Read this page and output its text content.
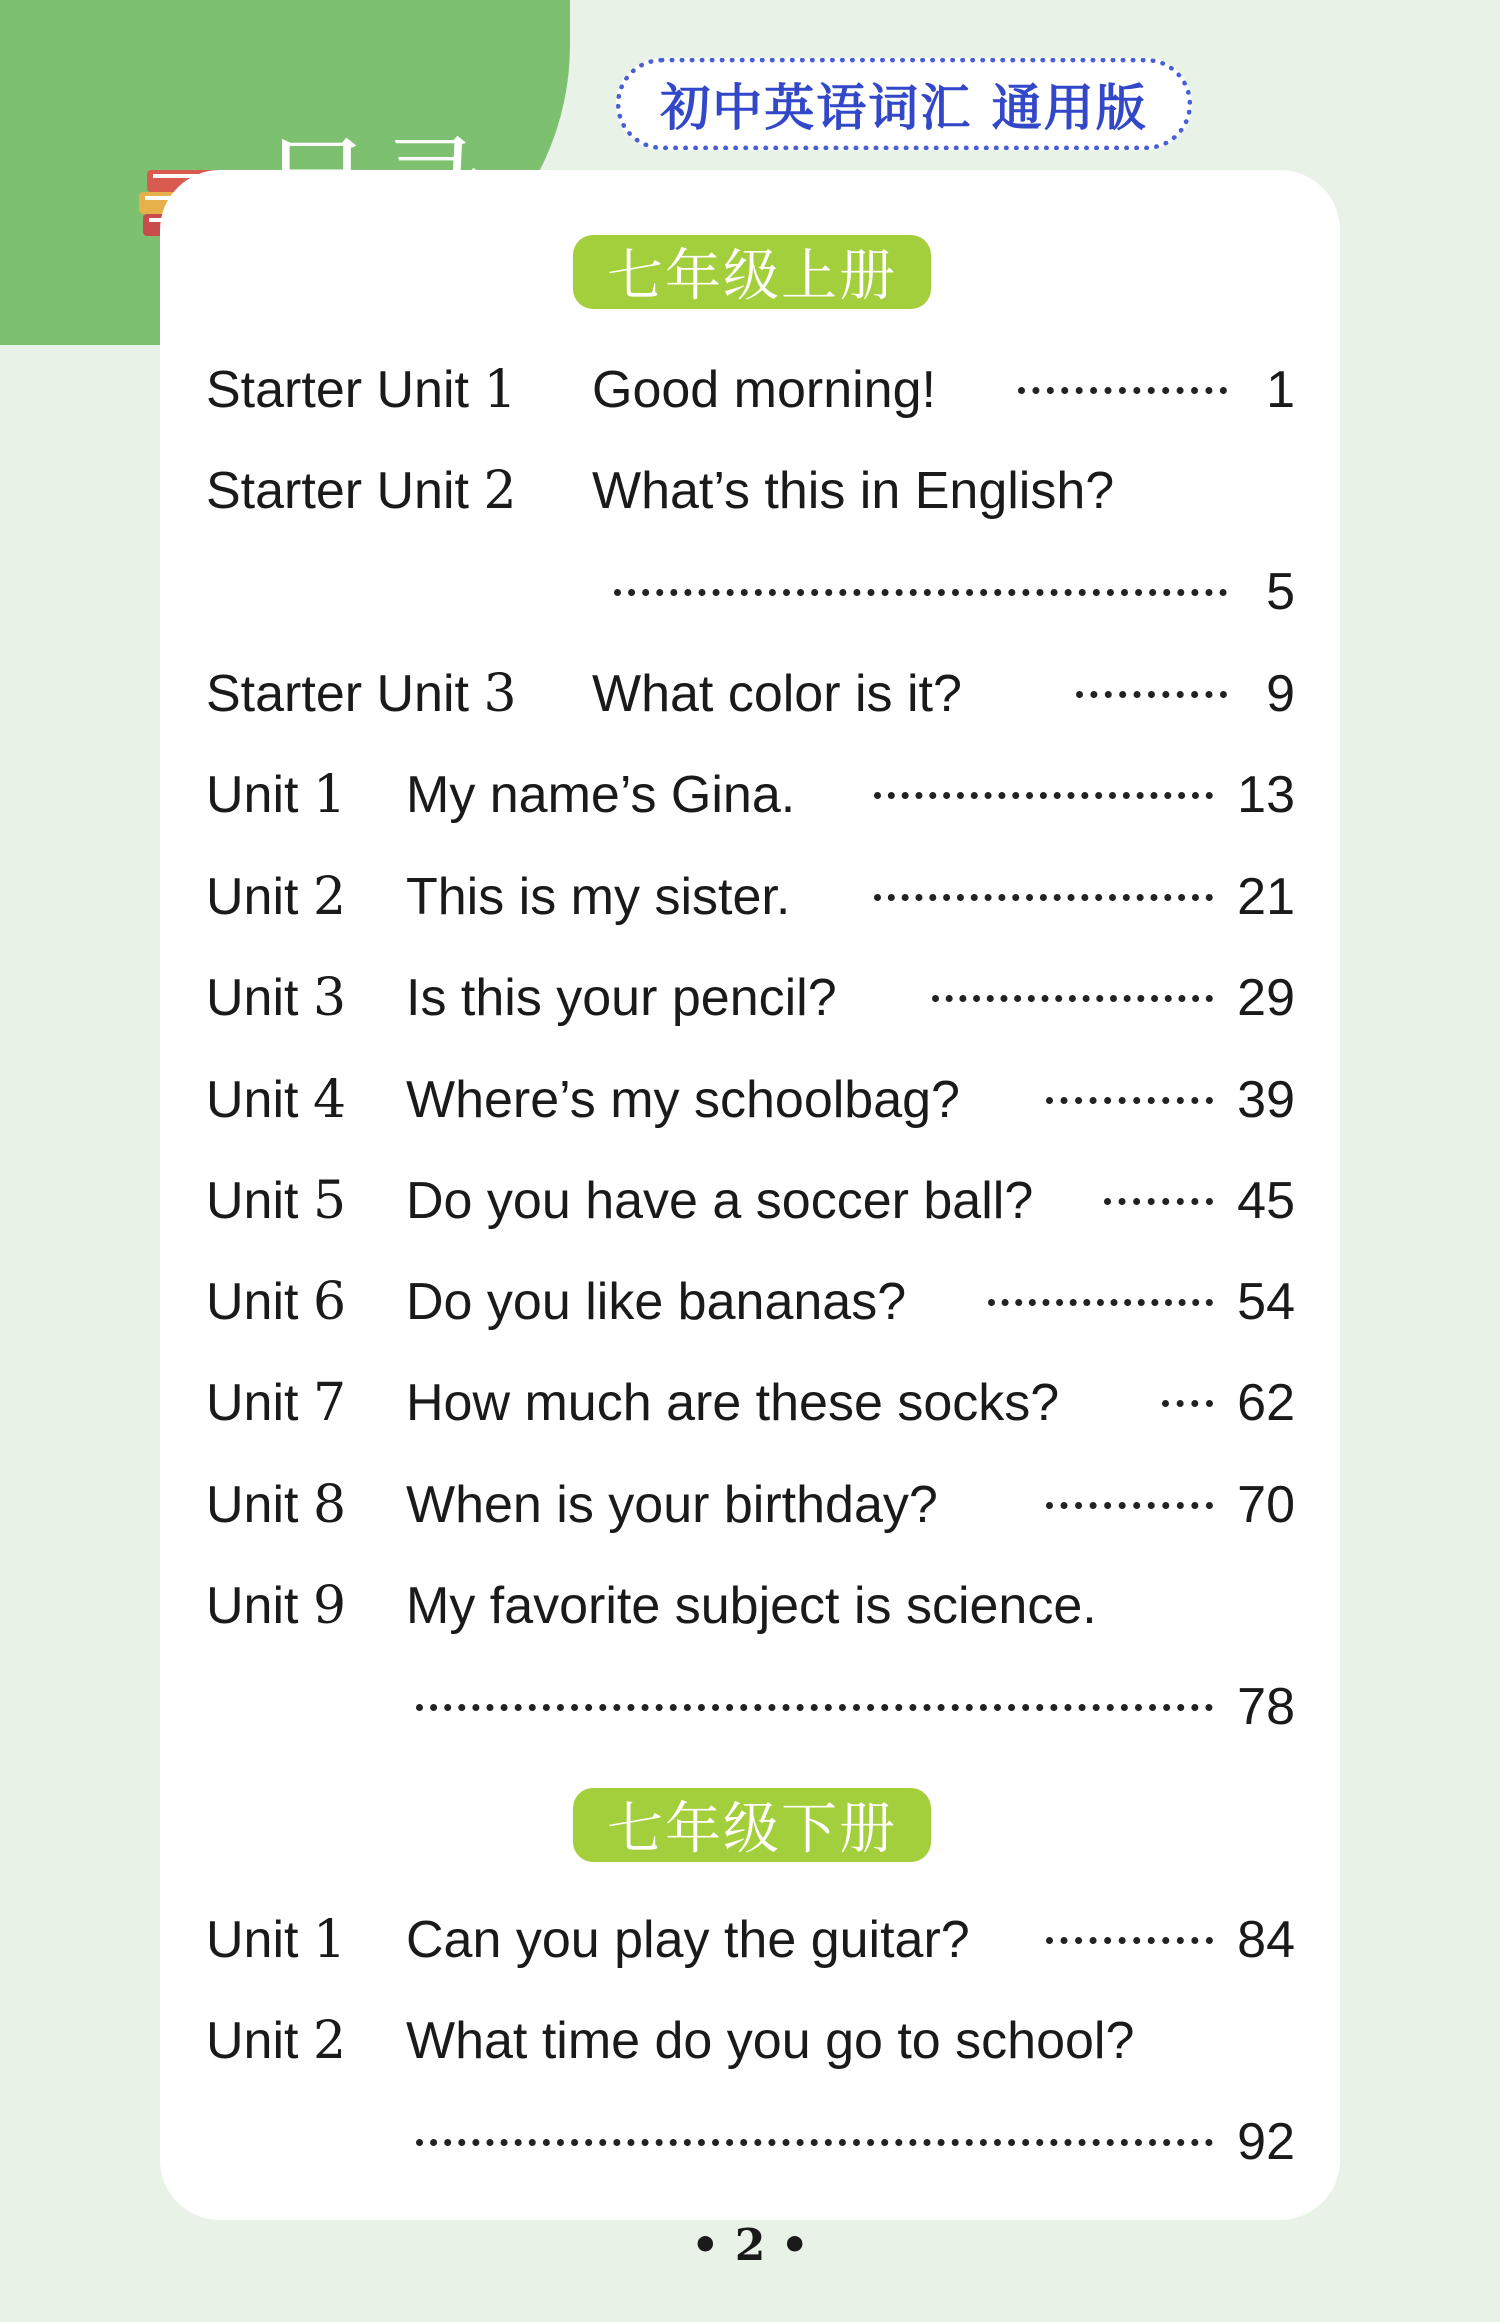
初中英语词汇 通用版
七年级上册
Starter Unit 1 Good morning!	1
Starter Unit 2 What’s this in English?
5
Starter Unit 3 What color is it?	9
Unit 1 My name’s Gina.	13
Unit 2 This is my sister.	21
Unit 3 Is this your pencil?	29
Unit 4 Where’s my schoolbag?	39
Unit 5 Do you have a soccer ball?	45
Unit 6 Do you like bananas?	54
Unit 7 How much are these socks?	62
Unit 8 When is your birthday?	70
Unit 9 My favorite subject is science.
78
七年级下册
Unit 1 Can you play the guitar?	84
Unit 2 What time do you go to school?
92
• 2 •
